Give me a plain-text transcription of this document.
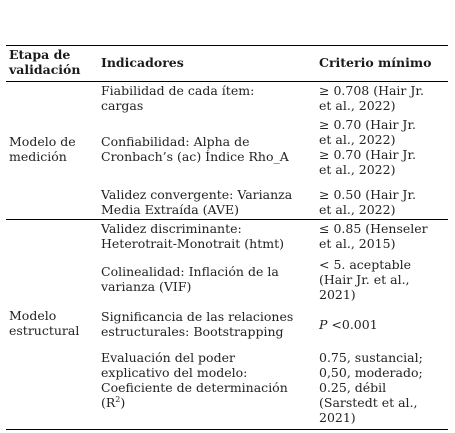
Etapa de
validación Indicadores	Criterio mínimo
Modelo de
medición
Modelo
estructural
Fiabilidad de cada ítem:
cargas
≥ 0.708 (Hair Jr.
et al., 2022)
Confiabilidad: Alpha de
Cronbach’s (ac) Índice Rho_A
≥ 0.70 (Hair Jr.
et al., 2022)
≥ 0.70 (Hair Jr.
et al., 2022)
Validez convergente: Varianza
Media Extraída (AVE)
≥ 0.50 (Hair Jr.
et al., 2022)
Validez discriminante:
Heterotrait-Monotrait (htmt)
≤ 0.85 (Henseler
et al., 2015)
Colinealidad: Inflación de la
varianza (VIF)
< 5. aceptable
(Hair Jr. et al.,
2021)
Significancia de las relaciones
estructurales: Bootstrapping	P <0.001
Evaluación del poder
explicativo del modelo:
Coeficiente de determinación
$(R^2)$
0.75, sustancial;
0,50, moderado;
0.25, débil
(Sarstedt et al.,
2021)
